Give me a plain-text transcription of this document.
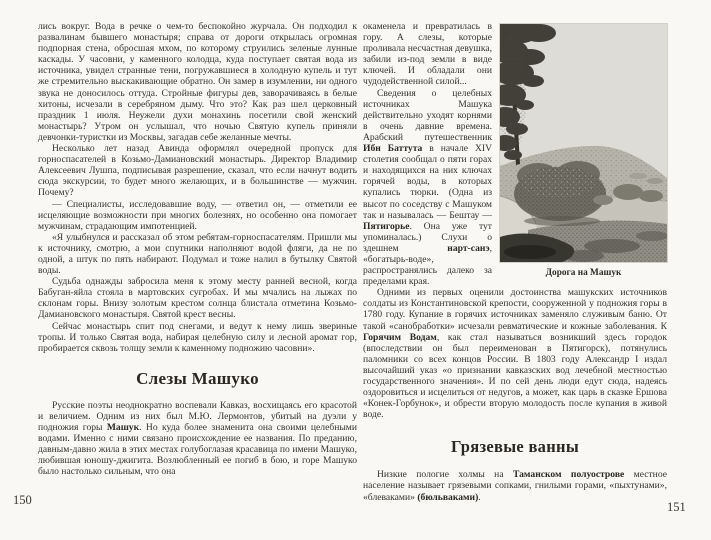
лись вокруг. Вода в речке о чем-то беспокойно журчала. Он подходил к развалинам бывшего монастыря; справа от дороги открылась огромная подпорная стена, обросшая мхом, по которому струились зеленые лунные каскады. У часовни, у каменного колодца, куда поступает святая вода из источника, увидел странные тени, погружавшиеся в холодную купель и тут же стремительно выскакивающие обратно. Он замер в изумлении, ни одного звука не доносилось оттуда. Стройные фигуры дев, заворачиваясь в белые хитоны, исчезали в серебряном дыму. Что это? Как раз шел церковный праздник 1 июля. Неужели духи монахинь посетили свой женский монастырь? Утром он услышал, что ночью Святую купель приняли девчонки-туристки из Москвы, загадав себе желанные мечты.

Несколько лет назад Авинда оформлял очередной пропуск для горноспасателей в Козьмо-Дамиановский монастырь. Директор Владимир Алексеевич Лушпа, подписывая разрешение, сказал, что если начнут водить сюда экскурсии, то будет много желающих, и в большинстве — мужчин. Почему?

— Специалисты, исследовавшие воду, — ответил он, — отметили ее исцеляющие возможности при многих болезнях, но особенно она помогает мужчинам, страдающим импотенцией.

«Я улыбнулся и рассказал об этом ребятам-горноспасателям. Пришли мы к источнику, смотрю, а мои спутники наполняют водой фляги, да не по одной, а штук по пять набирают. Подумал и тоже налил в бутылку Святой воды.

Судьба однажды забросила меня к этому месту ранней весной, когда Бабуган-яйла стояла в мартовских сугробах. И мы мчались на лыжах по склонам горы. Внизу золотым крестом солнца блистала отметина Козьмо-Дамиановского монастыря. Святой крест весны.

Сейчас монастырь спит под снегами, и ведут к нему лишь звериные тропы. И только Святая вода, набирая целебную силу и лесной аромат гор, пробирается сквозь толщу земли к каменному подножию часовни».

Слезы Машуко

Русские поэты неоднократно воспевали Кавказ, восхищаясь его красотой и величием. Одним из них был М.Ю. Лермонтов, убитый на дуэли у подножия горы Машук. Но куда более знаменита она своими целебными водами. Именно с ними связано происхождение ее названия. По преданию, давным-давно жила в этих местах голубоглазая красавица по имени Машуко, любившая юношу-джигита. Возлюбленный ее погиб в бою, и горе Машуко было настолько сильным, что она

150
Дорога на Машук

окаменела и превратилась в гору. А слезы, которые проливала несчастная девушка, забили из-под земли в виде ключей. И обладали они чудодейственной силой...

Сведения о целебных источниках Машука действительно уходят корнями в очень давние времена. Арабский путешественник Ибн Баттута в начале XIV столетия сообщал о пяти горах и находящихся на них ключах горячей воды, в которых купались тюрки. (Одна из высот по соседству с Машуком так и называлась — Бештау — Пятигорье. Она уже тут упоминалась.) Слухи о здешнем нарт-санэ, «богатырь-воде», распространялись далеко за пределами края.

Одними из первых оценили достоинства машукских источников солдаты из Константиновской крепости, сооруженной у подножия горы в 1780 году. Купание в горячих источниках заменяло служивым баню. От такой «санобработки» исчезали ревматические и кожные заболевания. К Горячим Водам, как стал называться возникший здесь городок (впоследствии он был переименован в Пятигорск), потянулись паломники со всех концов России. В 1803 году Александр I издал высочайший указ «о признании кавказских вод лечебной местностью государственного значения». И по сей день люди едут сюда, надеясь оздоровиться и исцелиться от недугов, а может, как царь в сказке Ершова «Конек-Горбунок», и обрести вторую молодость после купания в живой воде.

Грязевые ванны

Низкие пологие холмы на Таманском полуострове местное население называет грязевыми сопками, гнилыми горами, «пыхтунами», «блеваками» (бюльваками).

151
